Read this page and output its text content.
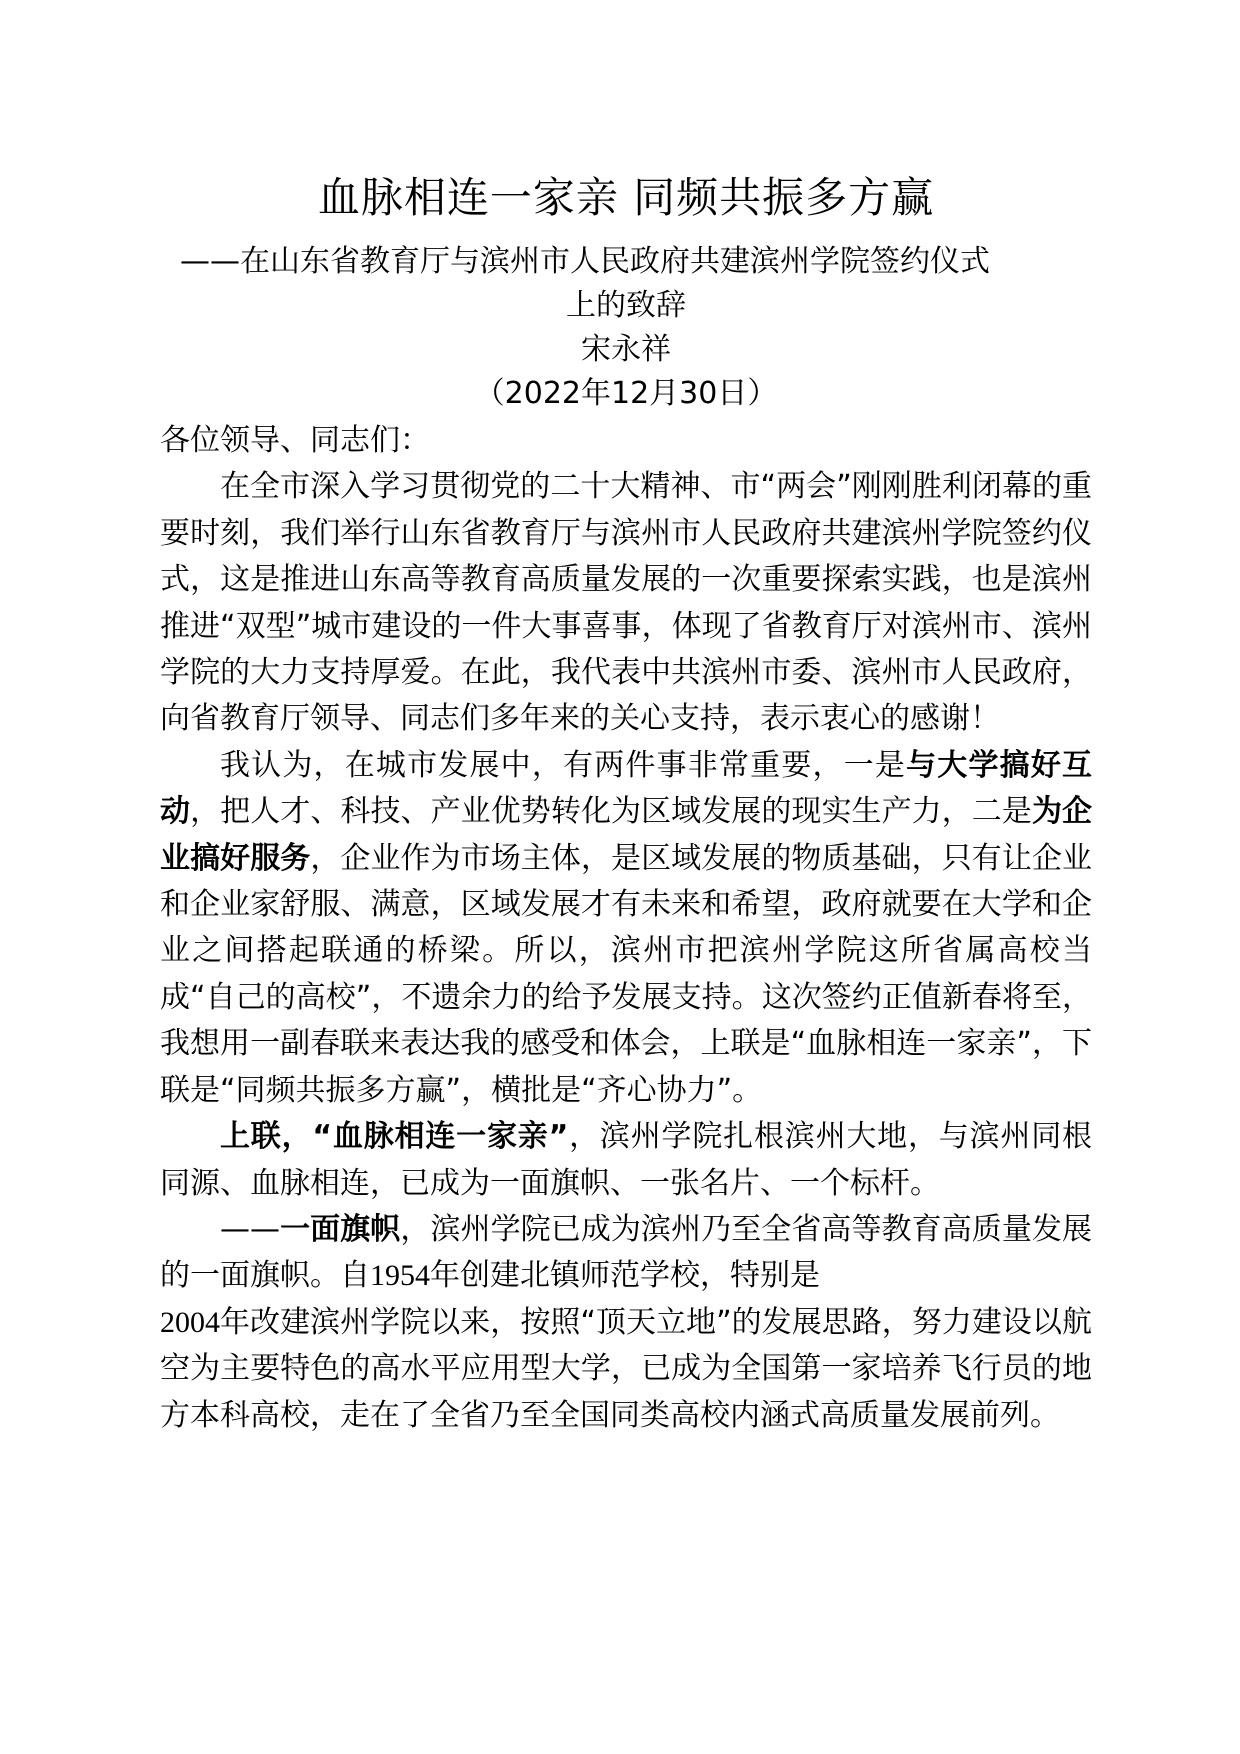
血脉相连一家亲 同频共振多方赢

——在山东省教育厅与滨州市人民政府共建滨州学院签约仪式

上的致辞

宋永祥

（2022年12月30日）

各位领导、同志们：

在全市深入学习贯彻党的二十大精神、市“两会”刚刚胜利闭幕的重要时刻，我们举行山东省教育厅与滨州市人民政府共建滨州学院签约仪式，这是推进山东高等教育高质量发展的一次重要探索实践，也是滨州推进“双型”城市建设的一件大事喜事，体现了省教育厅对滨州市、滨州学院的大力支持厚爱。在此，我代表中共滨州市委、滨州市人民政府，向省教育厅领导、同志们多年来的关心支持，表示衷心的感谢！

我认为，在城市发展中，有两件事非常重要，一是与大学搞好互动，把人才、科技、产业优势转化为区域发展的现实生产力，二是为企业搞好服务，企业作为市场主体，是区域发展的物质基础，只有让企业和企业家舒服、满意，区域发展才有未来和希望，政府就要在大学和企业之间搭起联通的桥梁。所以，滨州市把滨州学院这所省属高校当成“自己的高校”，不遗余力的给予发展支持。这次签约正值新春将至，我想用一副春联来表达我的感受和体会，上联是“血脉相连一家亲”，下联是“同频共振多方赢”，横批是“齐心协力”。

上联，“血脉相连一家亲”，滨州学院扎根滨州大地，与滨州同根同源、血脉相连，已成为一面旗帜、一张名片、一个标杆。

——一面旗帜，滨州学院已成为滨州乃至全省高等教育高质量发展的一面旗帜。自1954年创建北镇师范学校，特别是
2004年改建滨州学院以来，按照“顶天立地”的发展思路，努力建设以航空为主要特色的高水平应用型大学，已成为全国第一家培养飞行员的地方本科高校，走在了全省乃至全国同类高校内涵式高质量发展前列。
